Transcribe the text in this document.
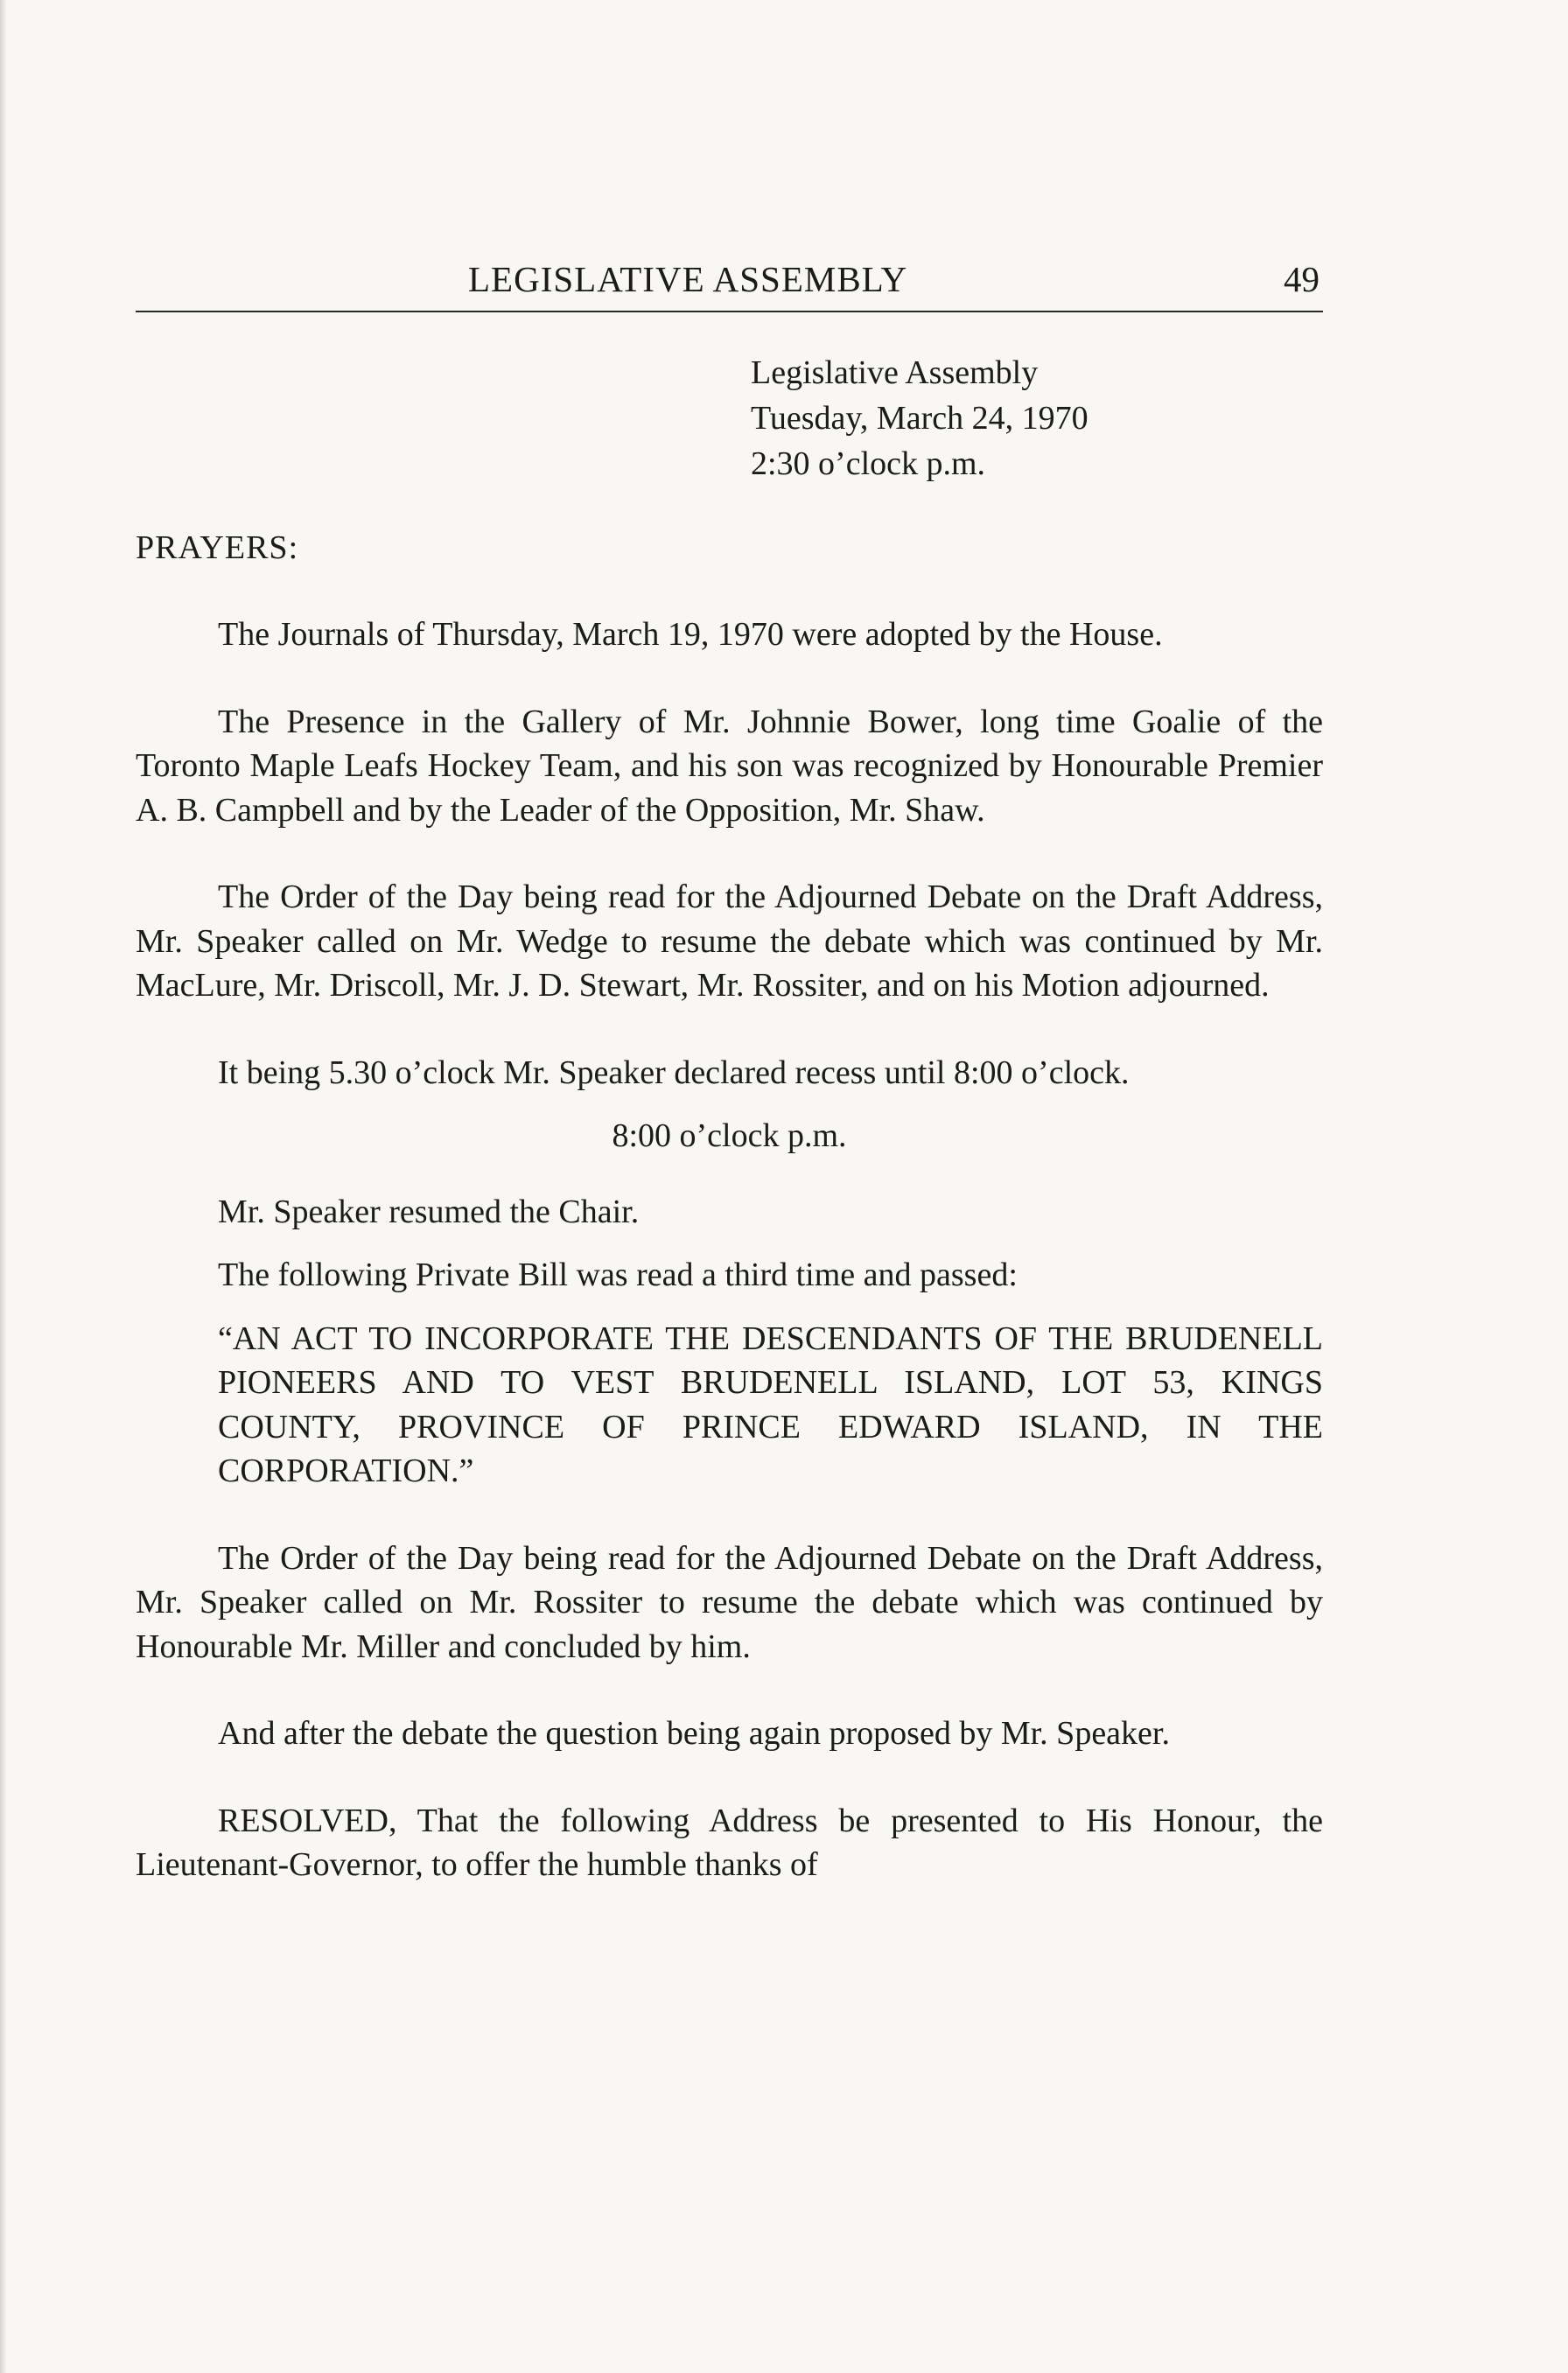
LEGISLATIVE ASSEMBLY	49
Legislative Assembly
Tuesday, March 24, 1970
2:30 o’clock p.m.
PRAYERS:

The Journals of Thursday, March 19, 1970 were adopted by the House.

The Presence in the Gallery of Mr. Johnnie Bower, long time Goalie of the Toronto Maple Leafs Hockey Team, and his son was recognized by Honourable Premier A. B. Campbell and by the Leader of the Opposition, Mr. Shaw.

The Order of the Day being read for the Adjourned Debate on the Draft Address, Mr. Speaker called on Mr. Wedge to resume the debate which was continued by Mr. MacLure, Mr. Driscoll, Mr. J. D. Stewart, Mr. Rossiter, and on his Motion adjourned.

It being 5.30 o’clock Mr. Speaker declared recess until 8:00 o’clock.

8:00 o’clock p.m.

Mr. Speaker resumed the Chair.

The following Private Bill was read a third time and passed:

“AN ACT TO INCORPORATE THE DESCENDANTS OF THE BRUDENELL PIONEERS AND TO VEST BRUDENELL ISLAND, LOT 53, KINGS COUNTY, PROVINCE OF PRINCE EDWARD ISLAND, IN THE CORPORATION.”

The Order of the Day being read for the Adjourned Debate on the Draft Address, Mr. Speaker called on Mr. Rossiter to resume the debate which was continued by Honourable Mr. Miller and concluded by him.

And after the debate the question being again proposed by Mr. Speaker.

RESOLVED, That the following Address be presented to His Honour, the Lieutenant-Governor, to offer the humble thanks of
